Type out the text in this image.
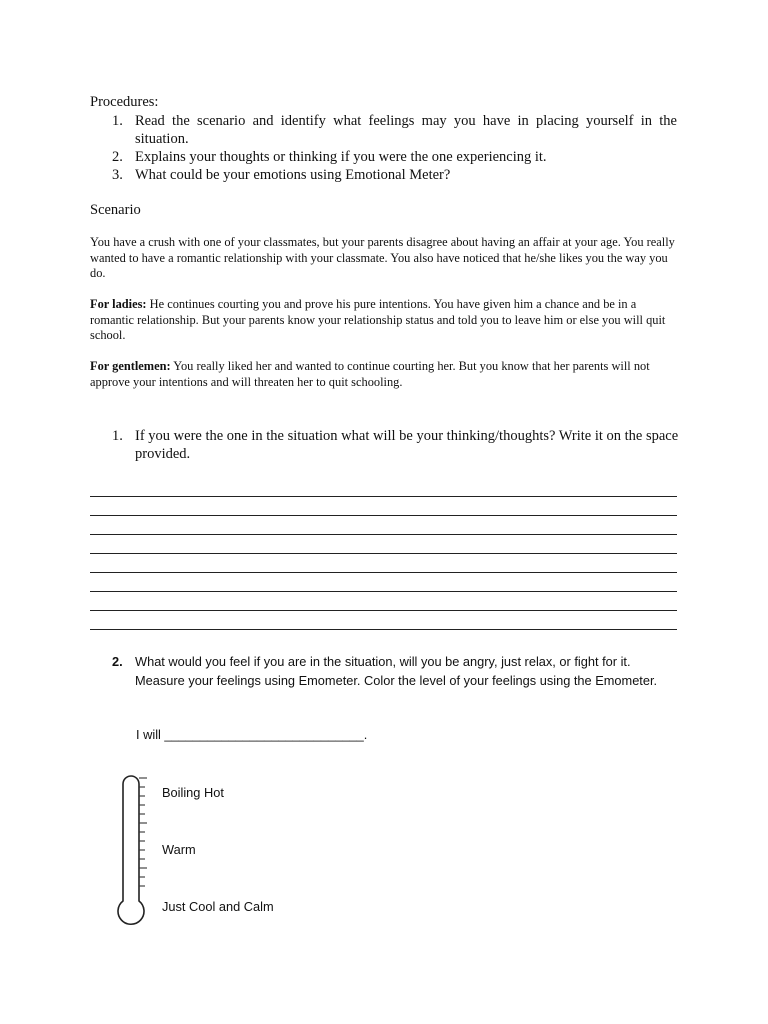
Procedures:
1. Read the scenario and identify what feelings may you have in placing yourself in the situation.
2. Explains your thoughts or thinking if you were the one experiencing it.
3. What could be your emotions using Emotional Meter?
Scenario
You have a crush with one of your classmates, but your parents disagree about having an affair at your age. You really wanted to have a romantic relationship with your classmate. You also have noticed that he/she likes you the way you do.
For ladies: He continues courting you and prove his pure intentions. You have given him a chance and be in a romantic relationship. But your parents know your relationship status and told you to leave him or else you will quit school.
For gentlemen: You really liked her and wanted to continue courting her. But you know that her parents will not approve your intentions and will threaten her to quit schooling.
1. If you were the one in the situation what will be your thinking/thoughts? Write it on the space provided.
2. What would you feel if you are in the situation, will you be angry, just relax, or fight for it. Measure your feelings using Emometer. Color the level of your feelings using the Emometer.
I will ____________________________.
Boiling Hot
Warm
Just Cool and Calm
